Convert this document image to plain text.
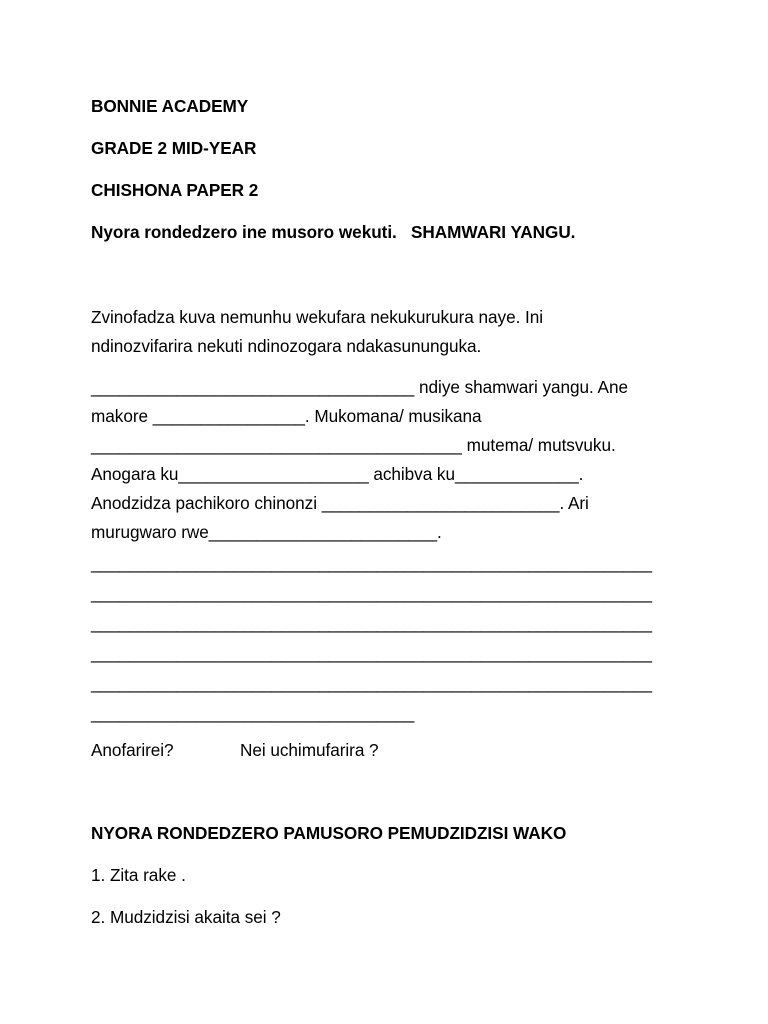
BONNIE ACADEMY

GRADE 2 MID-YEAR

CHISHONA PAPER 2

Nyora rondedzero ine musoro wekuti.   SHAMWARI YANGU.

Zvinofadza kuva nemunhu wekufara nekukurukura naye. Ini

ndinozvifarira nekuti ndinozogara ndakasununguka.

__________________________________ ndiye shamwari yangu. Ane

makore ________________. Mukomana/ musikana

_______________________________________ mutema/ mutsvuku.

Anogara ku____________________ achibva ku_____________.

Anodzidza pachikoro chinonzi _________________________. Ari

murugwaro rwe________________________.

___________________________________________________________

___________________________________________________________

___________________________________________________________

___________________________________________________________

___________________________________________________________

__________________________________

Anofarirei?	Nei uchimufarira ?

NYORA RONDEDZERO PAMUSORO PEMUDZIDZISI WAKO

1. Zita rake .

2. Mudzidzisi akaita sei ?
